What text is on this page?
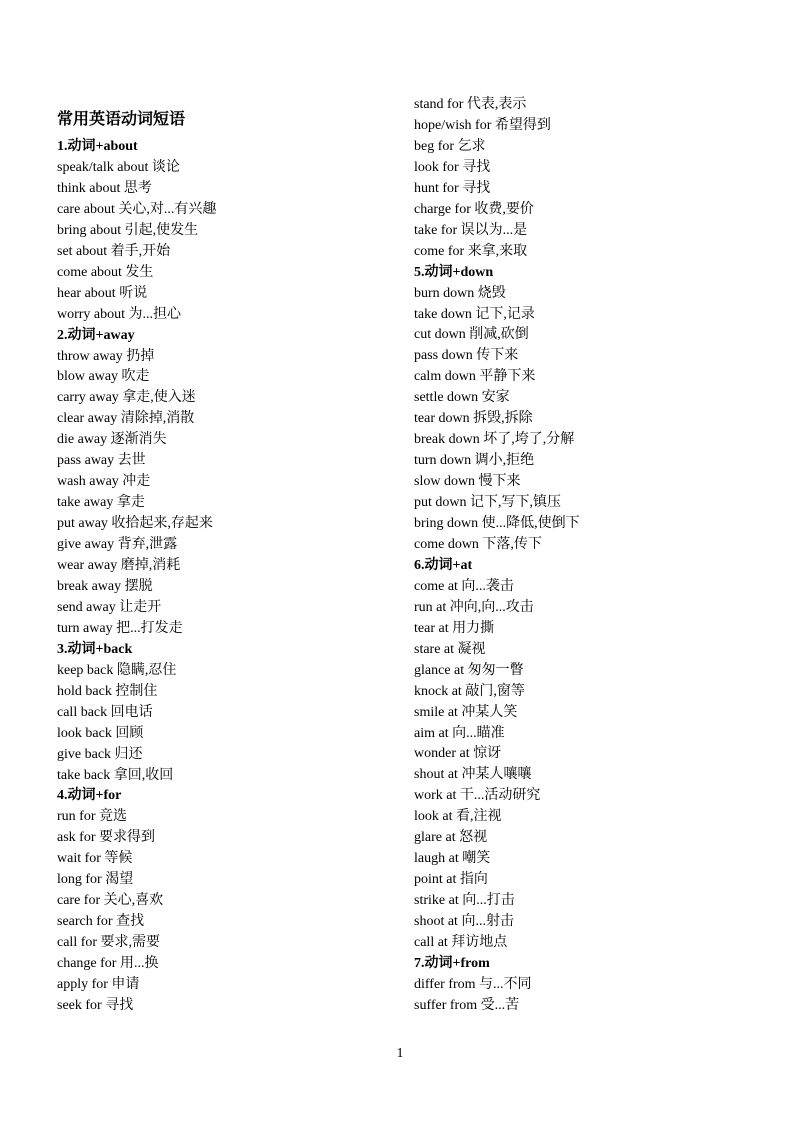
常用英语动词短语
1.动词+about
speak/talk about 谈论
think about 思考
care about 关心,对...有兴趣
bring about 引起,使发生
set about 着手,开始
come about 发生
hear about 听说
worry about 为...担心
2.动词+away
throw away 扔掉
blow away 吹走
carry away 拿走,使入迷
clear away 清除掉,消散
die away 逐渐消失
pass away 去世
wash away 冲走
take away 拿走
put away 收拾起来,存起来
give away 背弃,泄露
wear away 磨掉,消耗
break away 摆脱
send away 让走开
turn away 把...打发走
3.动词+back
keep back 隐瞒,忍住
hold back 控制住
call back 回电话
look back 回顾
give back 归还
take back 拿回,收回
4.动词+for
run for 竞选
ask for 要求得到
wait for 等候
long for 渴望
care for 关心,喜欢
search for 查找
call for 要求,需要
change for 用...换
apply for 申请
seek for 寻找
stand for 代表,表示
hope/wish for 希望得到
beg for 乞求
look for 寻找
hunt for 寻找
charge for 收费,要价
take for 误以为...是
come for 来拿,来取
5.动词+down
burn down 烧毁
take down 记下,记录
cut down 削减,砍倒
pass down 传下来
calm down 平静下来
settle down 安家
tear down 拆毁,拆除
break down 坏了,垮了,分解
turn down 调小,拒绝
slow down 慢下来
put down 记下,写下,镇压
bring down 使...降低,使倒下
come down 下落,传下
6.动词+at
come at 向...袭击
run at 冲向,向...攻击
tear at 用力撕
stare at 凝视
glance at 匆匆一瞥
knock at 敲门,窗等
smile at 冲某人笑
aim at 向...瞄准
wonder at 惊讶
shout at 冲某人嚷嚷
work at 干...活动研究
look at 看,注视
glare at 怒视
laugh at 嘲笑
point at 指向
strike at 向...打击
shoot at 向...射击
call at 拜访地点
7.动词+from
differ from 与...不同
suffer from 受...苦
1
